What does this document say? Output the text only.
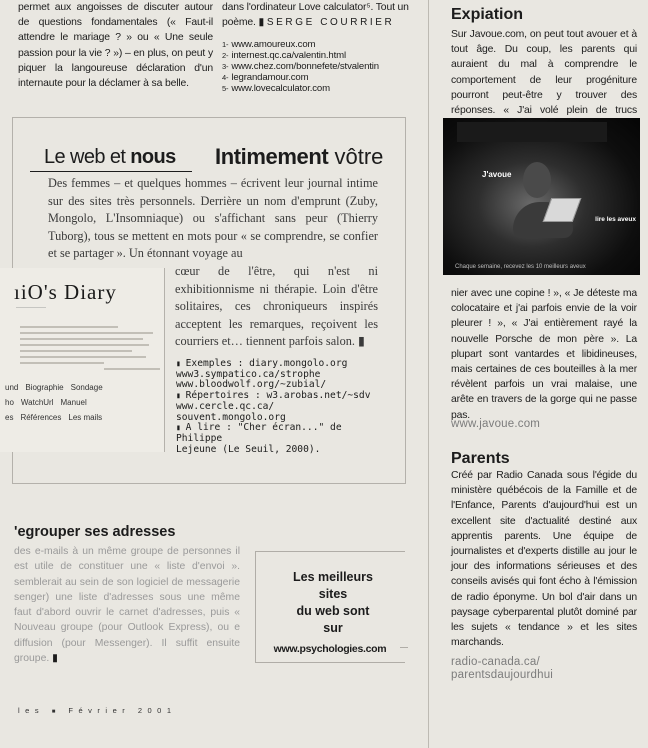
permet aux angoisses de discuter autour de questions fondamentales (« Faut-il attendre le mariage ? » ou « Une seule passion pour la vie ? ») – en plus, on peut y piquer la langoureuse déclaration d'un internaute pour la déclamer à sa belle.
dans l'ordinateur Love calculator⁵. Tout un poème. ▮ SERGE COURRIER
1- www.amoureux.com
2- internest.qc.ca/valentin.html
3- www.chez.com/bonnefete/stvalentin
4- legrandamour.com
5- www.lovecalculator.com
Expiation
Sur Javoue.com, on peut tout avouer et à tout âge. Du coup, les parents qui auraient du mal à comprendre le comportement de leur progéniture pourront peut-être y trouver des réponses. « J'ai volé plein de trucs
J'avoue
lire les aveux
Chaque semaine, recevez les 10 meilleurs aveux
nier avec une copine ! », « Je déteste ma colocataire et j'ai parfois envie de la voir pleurer ! », « J'ai entièrement rayé la nouvelle Porsche de mon père ». La plupart sont vantardes et libidineuses, mais certaines de ces bouteilles à la mer révèlent parfois un vrai malaise, une arête en travers de la gorge qui ne passe pas.
www.javoue.com
Parents
Créé par Radio Canada sous l'égide du ministère québécois de la Famille et de l'Enfance, Parents d'aujourd'hui est un excellent site d'actualité destiné aux apprentis parents. Une équipe de journalistes et d'experts distille au jour le jour des informations sérieuses et des conseils avisés qui font écho à l'émission de radio éponyme. Un bol d'air dans un paysage cyberparental plutôt dominé par les sujets « tendance » et les sites marchands.
radio-canada.ca/
parentsdaujourdhui
Le web et nous Intimement vôtre
Des femmes – et quelques hommes – écrivent leur journal intime sur des sites très personnels. Derrière un nom d'emprunt (Zuby, Mongolo, L'Insomniaque) ou s'affichant sans peur (Thierry Tuborg), tous se mettent en mots pour « se comprendre, se confier et se partager ». Un étonnant voyage au
ıiO's Diary
——————
und Biographie Sondage
ho WatchUrl Manuel
es Références Les mails
cœur de l'être, qui n'est ni exhibitionnisme ni thérapie. Loin d'être solitaires, ces chroniqueurs inspirés acceptent les remarques, reçoivent les courriers et… tiennent parfois salon. ▮
▮ Exemples : diary.mongolo.org
www3.sympatico.ca/strophe
www.bloodwolf.org/~zubial/
▮ Répertoires : w3.arobas.net/~sdv
www.cercle.qc.ca/
souvent.mongolo.org
▮ A lire : "Cher écran..." de Philippe
Lejeune (Le Seuil, 2000).
'egrouper ses adresses
des e-mails à un même groupe de personnes il est utile de constituer une « liste d'envoi ». semblerait au sein de son logiciel de messagerie senger) une liste d'adresses sous une même faut d'abord ouvrir le carnet d'adresses, puis « Nouveau groupe (pour Outlook Express), ou e diffusion (pour Messenger). Il suffit ensuite groupe. ▮
Les meilleurs
sites
du web sont
sur
www.psychologies.com
les ■ Février 2001
